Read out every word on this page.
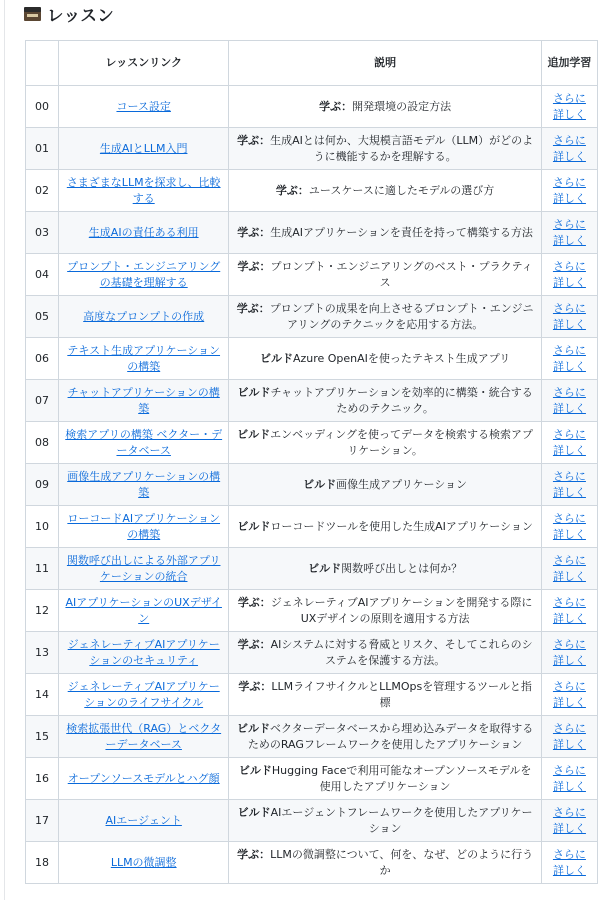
レッスン
	レッスンリンク	説明	追加学習
00	コース設定	学ぶ：開発環境の設定方法	さらに詳しく
01	生成AIとLLM入門	学ぶ：生成AIとは何か、大規模言語モデル（LLM）がどのように機能するかを理解する。	さらに詳しく
02	さまざまなLLMを探求し、比較する	学ぶ：ユースケースに適したモデルの選び方	さらに詳しく
03	生成AIの責任ある利用	学ぶ：生成AIアプリケーションを責任を持って構築する方法	さらに詳しく
04	プロンプト・エンジニアリングの基礎を理解する	学ぶ：プロンプト・エンジニアリングのベスト・プラクティス	さらに詳しく
05	高度なプロンプトの作成	学ぶ：プロンプトの成果を向上させるプロンプト・エンジニアリングのテクニックを応用する方法。	さらに詳しく
06	テキスト生成アプリケーションの構築	ビルドAzure OpenAIを使ったテキスト生成アプリ	さらに詳しく
07	チャットアプリケーションの構築	ビルドチャットアプリケーションを効率的に構築・統合するためのテクニック。	さらに詳しく
08	検索アプリの構築 ベクター・データベース	ビルドエンベッディングを使ってデータを検索する検索アプリケーション。	さらに詳しく
09	画像生成アプリケーションの構築	ビルド画像生成アプリケーション	さらに詳しく
10	ローコードAIアプリケーションの構築	ビルドローコードツールを使用した生成AIアプリケーション	さらに詳しく
11	関数呼び出しによる外部アプリケーションの統合	ビルド関数呼び出しとは何か？	さらに詳しく
12	AIアプリケーションのUXデザイン	学ぶ：ジェネレーティブAIアプリケーションを開発する際にUXデザインの原則を適用する方法	さらに詳しく
13	ジェネレーティブAIアプリケーションのセキュリティ	学ぶ：AIシステムに対する脅威とリスク、そしてこれらのシステムを保護する方法。	さらに詳しく
14	ジェネレーティブAIアプリケーションのライフサイクル	学ぶ：LLMライフサイクルとLLMOpsを管理するツールと指標	さらに詳しく
15	検索拡張世代（RAG）とベクターデータベース	ビルドベクターデータベースから埋め込みデータを取得するためのRAGフレームワークを使用したアプリケーション	さらに詳しく
16	オープンソースモデルとハグ顔	ビルドHugging Faceで利用可能なオープンソースモデルを使用したアプリケーション	さらに詳しく
17	AIエージェント	ビルドAIエージェントフレームワークを使用したアプリケーション	さらに詳しく
18	LLMの微調整	学ぶ：LLMの微調整について、何を、なぜ、どのように行うか	さらに詳しく
